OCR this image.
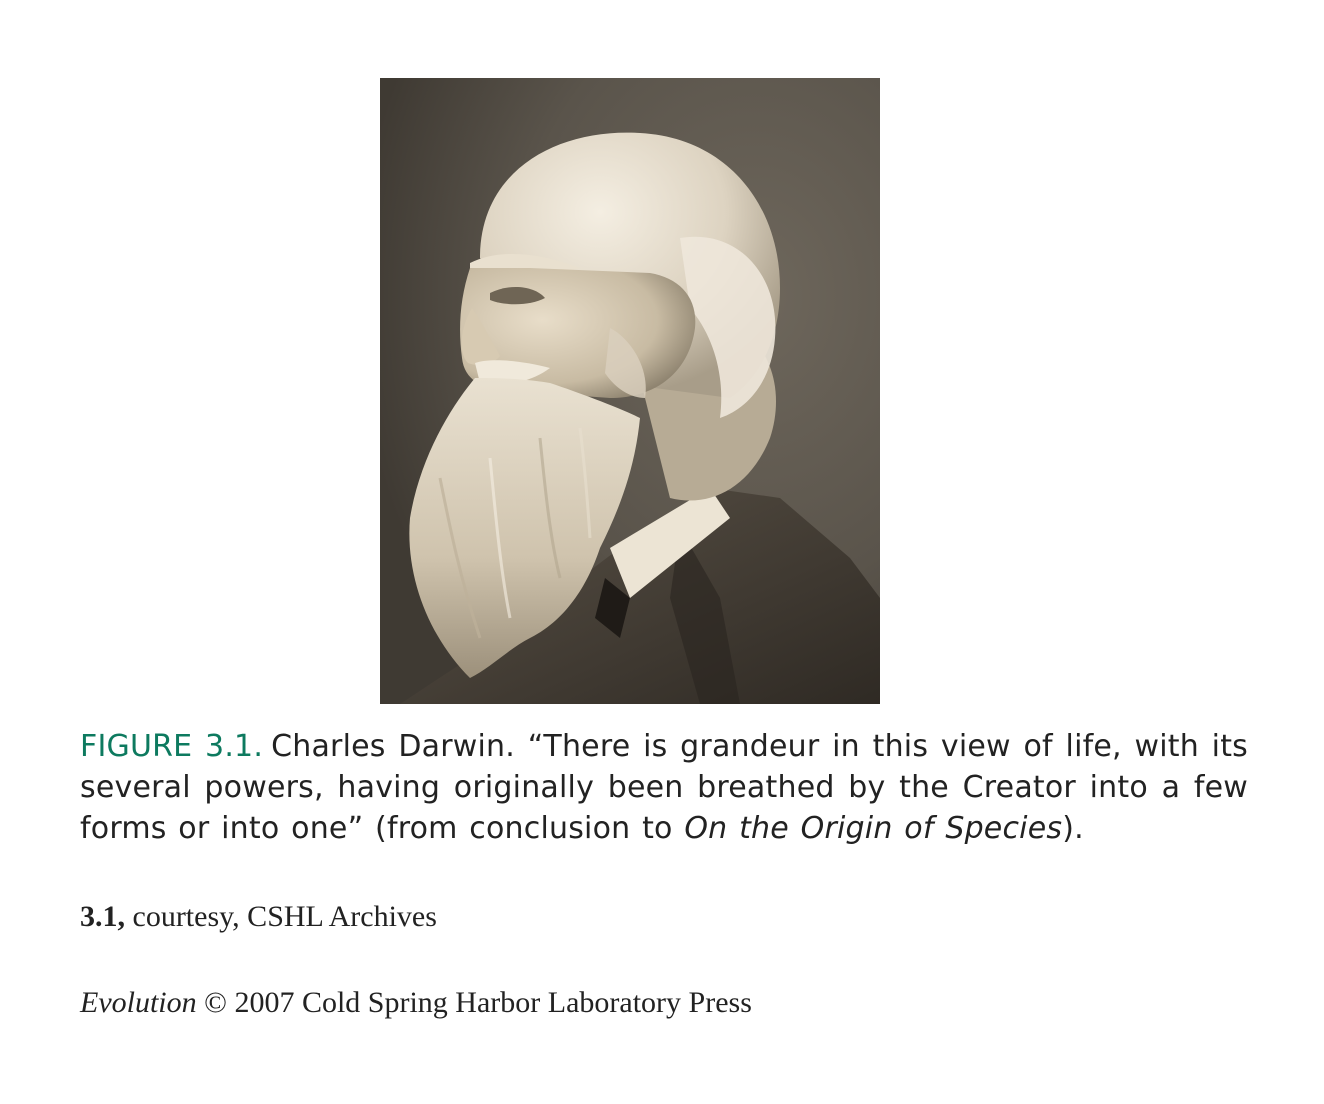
FIGURE 3.1. Charles Darwin. “There is grandeur in this view of life, with its several powers, having originally been breathed by the Creator into a few forms or into one” (from conclusion to On the Origin of Species).
3.1, courtesy, CSHL Archives
Evolution © 2007 Cold Spring Harbor Laboratory Press
